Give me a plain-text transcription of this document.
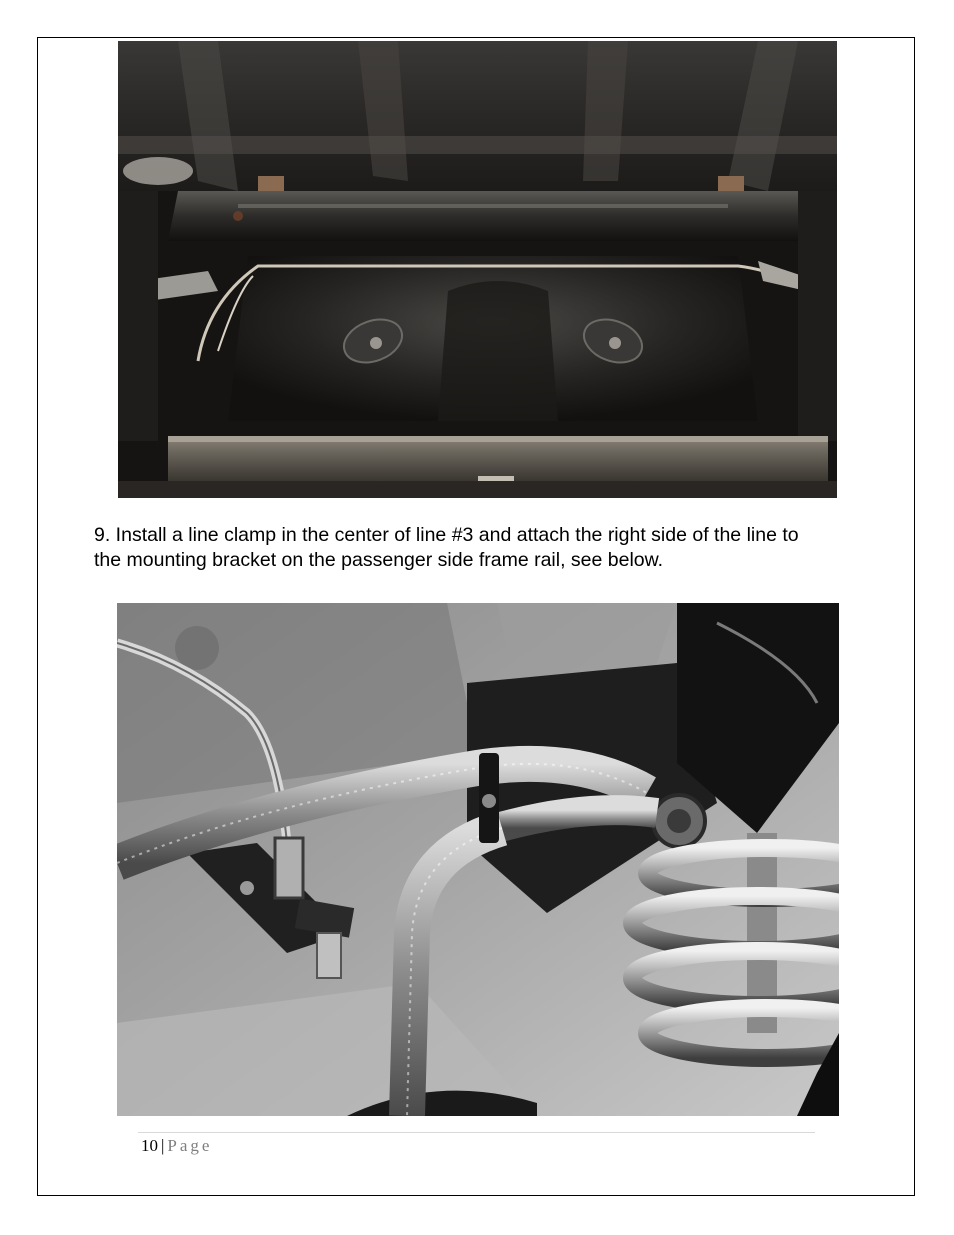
9. Install a line clamp in the center of line #3 and attach the right side of the line to the mounting bracket on the passenger side frame rail, see below.

10 | Page
